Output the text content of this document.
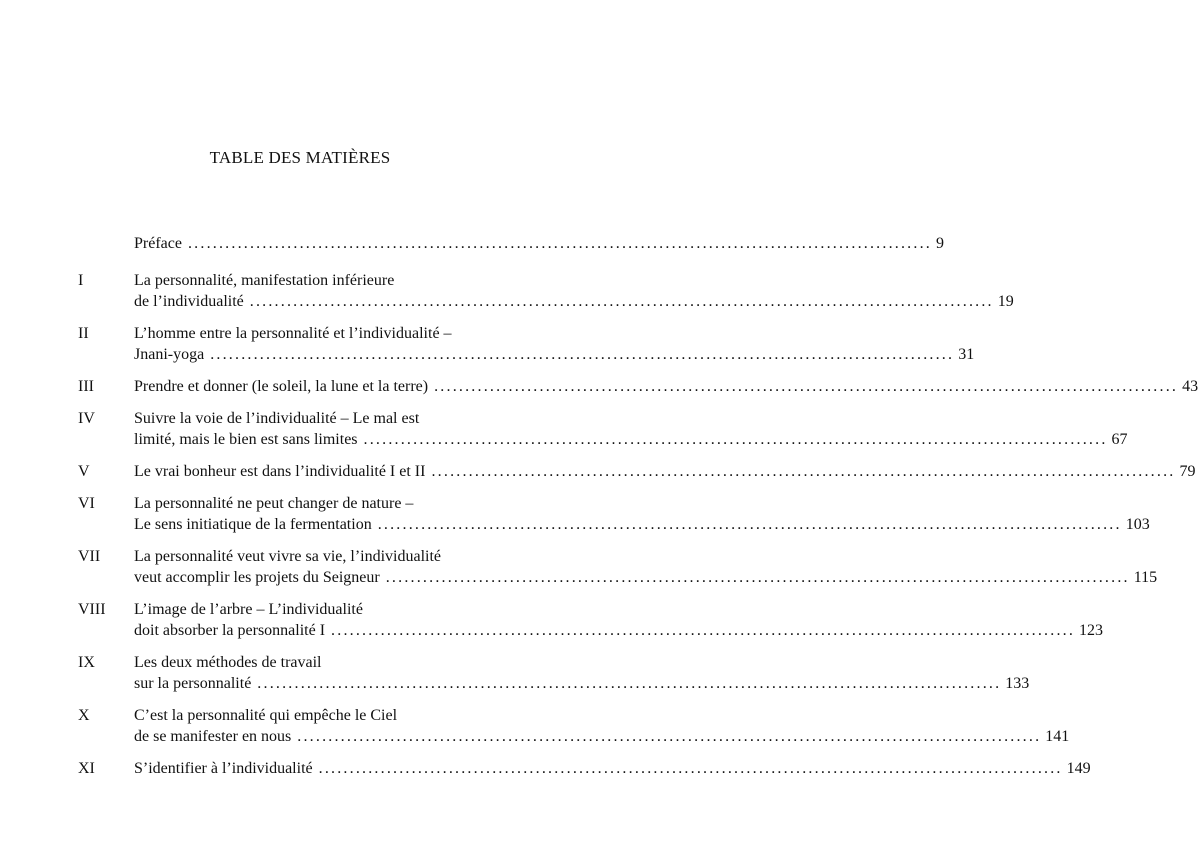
TABLE DES MATIÈRES
Préface ........................................................................................................................ 9
I	La personnalité, manifestation inférieure
de l’individualité ........................................................................................................................ 19
II	L’homme entre la personnalité et l’individualité –
Jnani-yoga ........................................................................................................................ 31
III	Prendre et donner (le soleil, la lune et la terre) ........................................................................................................................ 43
IV Suivre la voie de l’individualité – Le mal est
limité, mais le bien est sans limites ........................................................................................................................ 67
V	Le vrai bonheur est dans l’individualité I et II ........................................................................................................................ 79
VI La personnalité ne peut changer de nature –
Le sens initiatique de la fermentation ........................................................................................................................ 103
VII La personnalité veut vivre sa vie, l’individualité
veut accomplir les projets du Seigneur ........................................................................................................................ 115
VIII L’image de l’arbre – L’individualité
doit absorber la personnalité I ........................................................................................................................ 123
IX Les deux méthodes de travail
sur la personnalité ........................................................................................................................ 133
X	C’est la personnalité qui empêche le Ciel
de se manifester en nous ........................................................................................................................ 141
XI S’identifier à l’individualité ........................................................................................................................ 149
